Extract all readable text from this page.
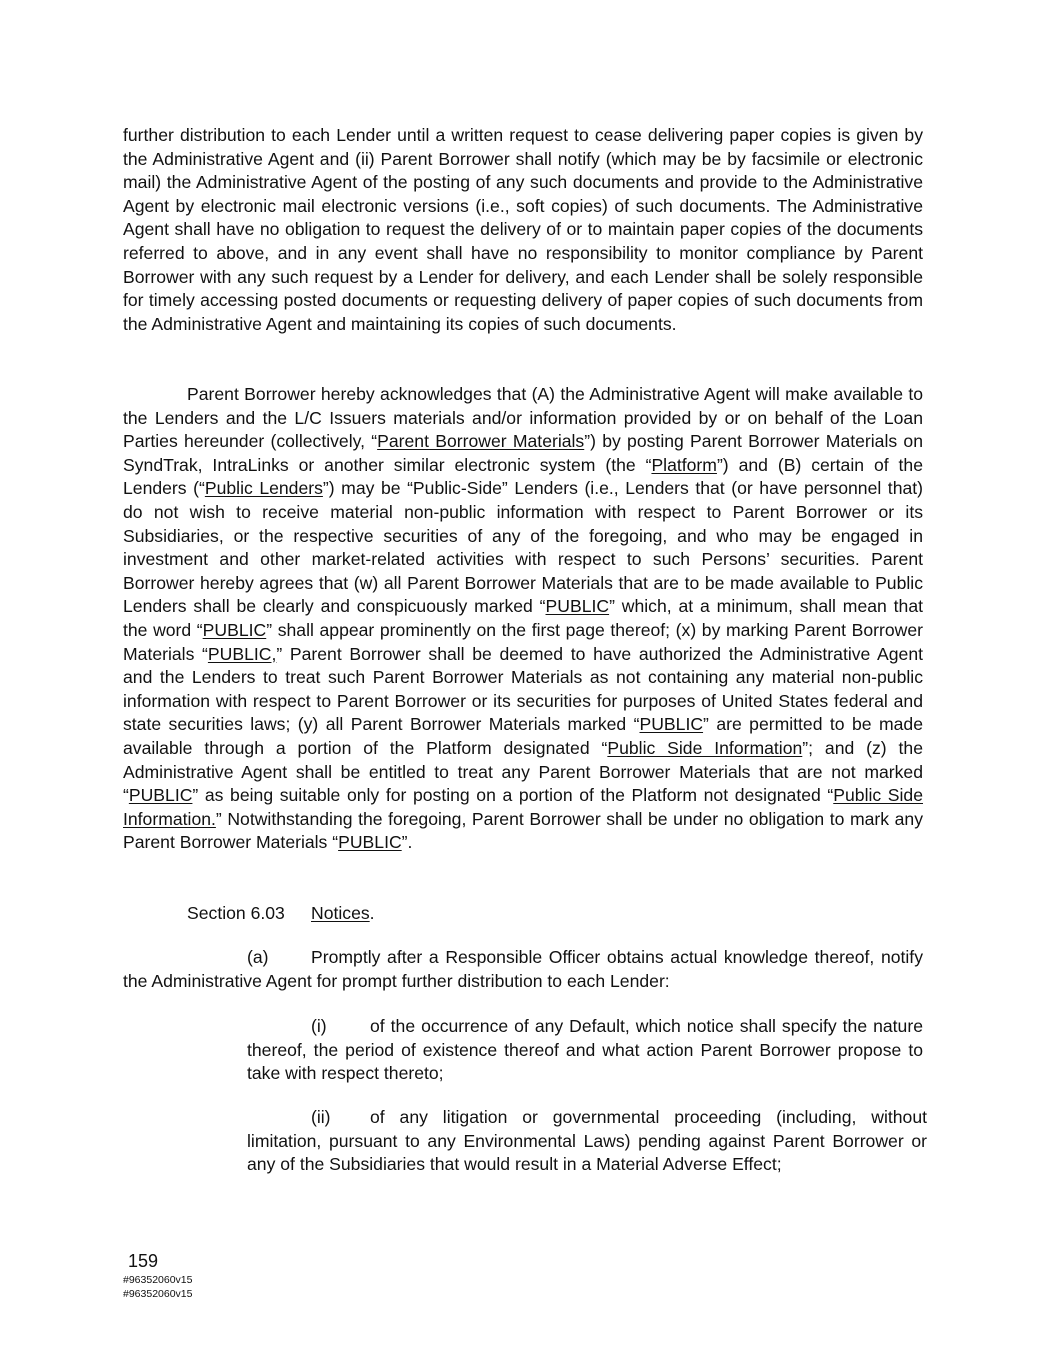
further distribution to each Lender until a written request to cease delivering paper copies is given by the Administrative Agent and (ii) Parent Borrower shall notify (which may be by facsimile or electronic mail) the Administrative Agent of the posting of any such documents and provide to the Administrative Agent by electronic mail electronic versions (i.e., soft copies) of such documents. The Administrative Agent shall have no obligation to request the delivery of or to maintain paper copies of the documents referred to above, and in any event shall have no responsibility to monitor compliance by Parent Borrower with any such request by a Lender for delivery, and each Lender shall be solely responsible for timely accessing posted documents or requesting delivery of paper copies of such documents from the Administrative Agent and maintaining its copies of such documents.

Parent Borrower hereby acknowledges that (A) the Administrative Agent will make available to the Lenders and the L/C Issuers materials and/or information provided by or on behalf of the Loan Parties hereunder (collectively, “Parent Borrower Materials”) by posting Parent Borrower Materials on SyndTrak, IntraLinks or another similar electronic system (the “Platform”) and (B) certain of the Lenders (“Public Lenders”) may be “Public-Side” Lenders (i.e., Lenders that (or have personnel that) do not wish to receive material non-public information with respect to Parent Borrower or its Subsidiaries, or the respective securities of any of the foregoing, and who may be engaged in investment and other market-related activities with respect to such Persons’ securities. Parent Borrower hereby agrees that (w) all Parent Borrower Materials that are to be made available to Public Lenders shall be clearly and conspicuously marked “PUBLIC” which, at a minimum, shall mean that the word “PUBLIC” shall appear prominently on the first page thereof; (x) by marking Parent Borrower Materials “PUBLIC,” Parent Borrower shall be deemed to have authorized the Administrative Agent and the Lenders to treat such Parent Borrower Materials as not containing any material non-public information with respect to Parent Borrower or its securities for purposes of United States federal and state securities laws; (y) all Parent Borrower Materials marked “PUBLIC” are permitted to be made available through a portion of the Platform designated “Public Side Information”; and (z) the Administrative Agent shall be entitled to treat any Parent Borrower Materials that are not marked “PUBLIC” as being suitable only for posting on a portion of the Platform not designated “Public Side Information.” Notwithstanding the foregoing, Parent Borrower shall be under no obligation to mark any Parent Borrower Materials “PUBLIC”.

Section 6.03 Notices.

(a) Promptly after a Responsible Officer obtains actual knowledge thereof, notify the Administrative Agent for prompt further distribution to each Lender:

(i) of the occurrence of any Default, which notice shall specify the nature thereof, the period of existence thereof and what action Parent Borrower propose to take with respect thereto;

(ii) of any litigation or governmental proceeding (including, without limitation, pursuant to any Environmental Laws) pending against Parent Borrower or any of the Subsidiaries that would result in a Material Adverse Effect;

159

#96352060v15

#96352060v15
